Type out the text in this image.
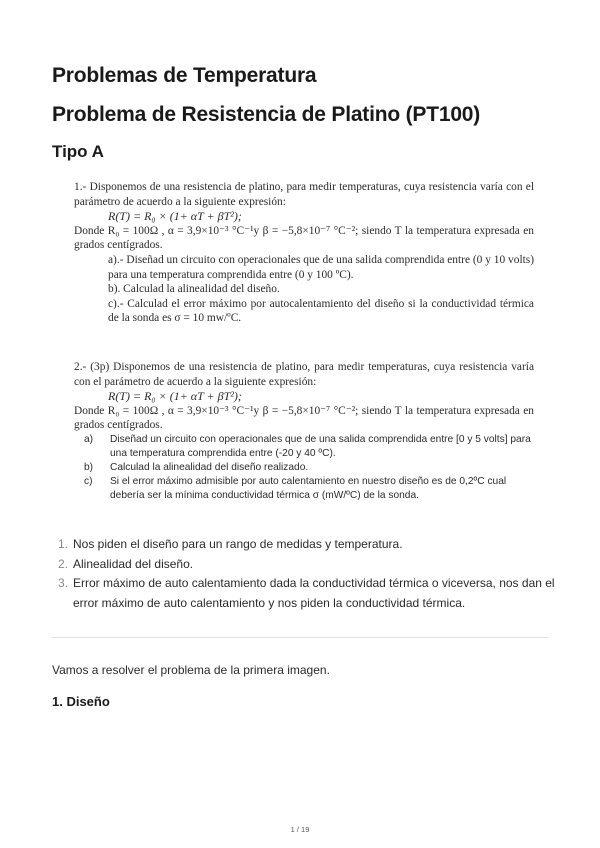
Problemas de Temperatura
Problema de Resistencia de Platino (PT100)
Tipo A

1.- Disponemos de una resistencia de platino, para medir temperaturas, cuya resistencia varía con el parámetro de acuerdo a la siguiente expresión:

R(T) = R₀ × (1+ αT + βT²);

Donde R₀ = 100Ω , α = 3,9×10⁻³ °C⁻¹y β = −5,8×10⁻⁷ °C⁻²; siendo T la temperatura expresada en grados centígrados.

a).- Diseñad un circuito con operacionales que de una salida comprendida entre (0 y 10 volts) para una temperatura comprendida entre (0 y 100 ºC).

b). Calculad la alinealidad del diseño.

c).- Calculad el error máximo por autocalentamiento del diseño si la conductividad térmica de la sonda es σ = 10 mw/ºC.

2.- (3p) Disponemos de una resistencia de platino, para medir temperaturas, cuya resistencia varía con el parámetro de acuerdo a la siguiente expresión:

R(T) = R₀ × (1+ αT + βT²);

Donde R₀ = 100Ω , α = 3,9×10⁻³ °C⁻¹y β = −5,8×10⁻⁷ °C⁻²; siendo T la temperatura expresada en grados centígrados.

a)	Diseñad un circuito con operacionales que de una salida comprendida entre [0 y 5 volts] para una temperatura comprendida entre (-20 y 40 ºC).
b)	Calculad la alinealidad del diseño realizado.
c)	Si el error máximo admisible por auto calentamiento en nuestro diseño es de 0,2ºC cual debería ser la mínima conductividad térmica σ (mW/ºC) de la sonda.
1. Nos piden el diseño para un rango de medidas y temperatura.
2. Alinealidad del diseño.
3. Error máximo de auto calentamiento dada la conductividad térmica o viceversa, nos dan el error máximo de auto calentamiento y nos piden la conductividad térmica.
Vamos a resolver el problema de la primera imagen.
1. Diseño
1 / 19
